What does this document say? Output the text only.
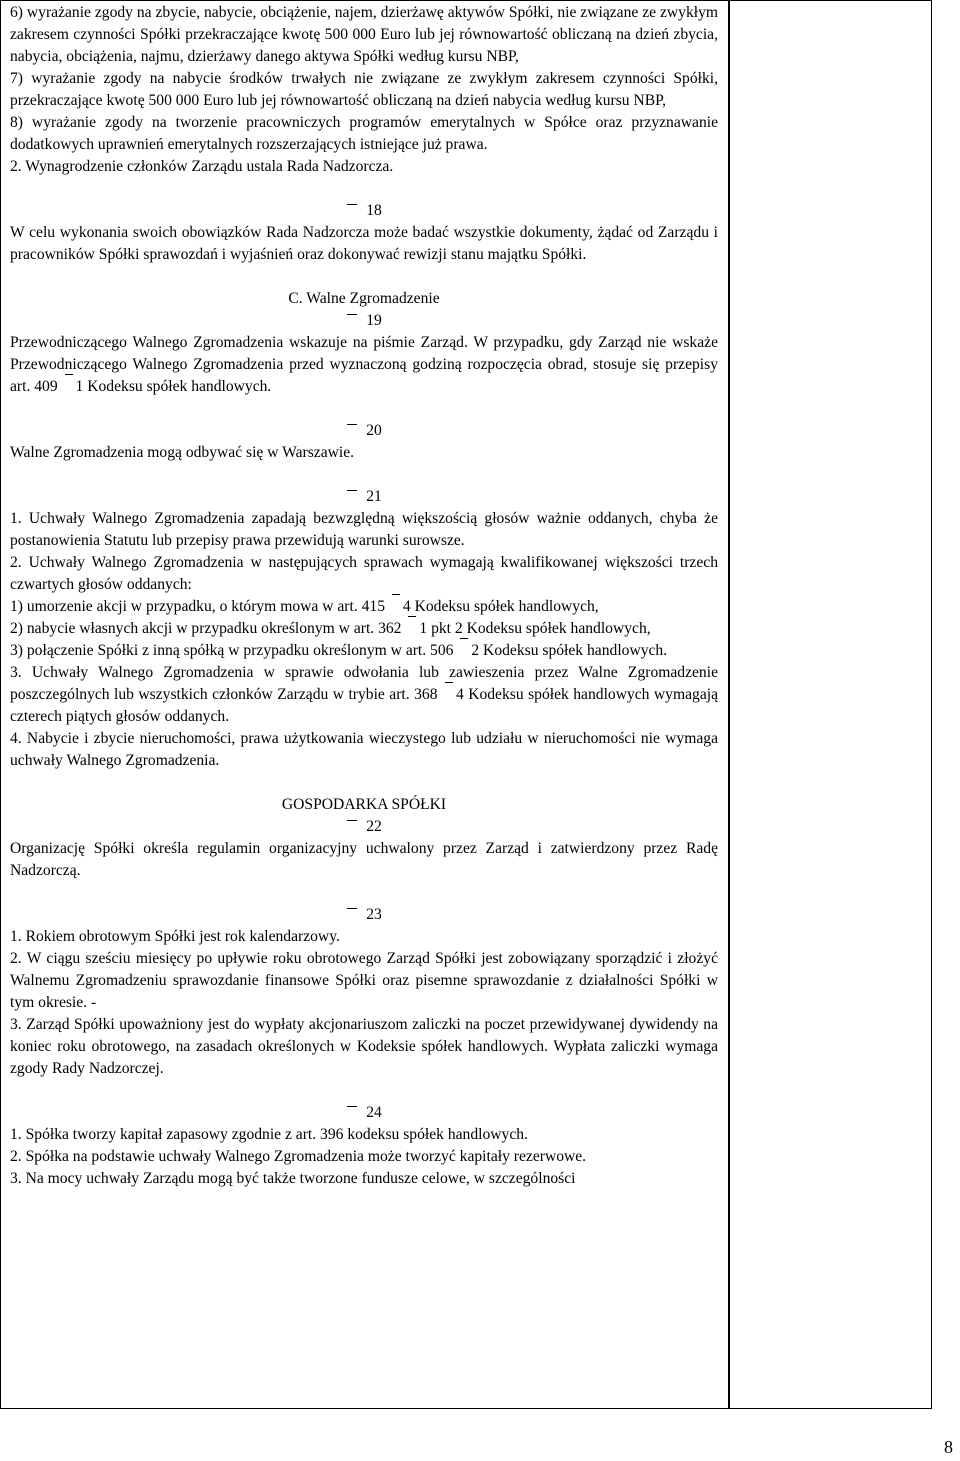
6) wyrażanie zgody na zbycie, nabycie, obciążenie, najem, dzierżawę aktywów Spółki, nie związane ze zwykłym zakresem czynności Spółki przekraczające kwotę 500 000 Euro lub jej równowartość obliczaną na dzień zbycia, nabycia, obciążenia, najmu, dzierżawy danego aktywa Spółki według kursu NBP,

7) wyrażanie zgody na nabycie środków trwałych nie związane ze zwykłym zakresem czynności Spółki, przekraczające kwotę 500 000 Euro lub jej równowartość obliczaną na dzień nabycia według kursu NBP,

8) wyrażanie zgody na tworzenie pracowniczych programów emerytalnych w Spółce oraz przyznawanie dodatkowych uprawnień emerytalnych rozszerzających istniejące już prawa.

2. Wynagrodzenie członków Zarządu ustala Rada Nadzorcza.

18

W celu wykonania swoich obowiązków Rada Nadzorcza może badać wszystkie dokumenty, żądać od Zarządu i pracowników Spółki sprawozdań i wyjaśnień oraz dokonywać rewizji stanu majątku Spółki.

C. Walne Zgromadzenie

19

Przewodniczącego Walnego Zgromadzenia wskazuje na piśmie Zarząd. W przypadku, gdy Zarząd nie wskaże Przewodniczącego Walnego Zgromadzenia przed wyznaczoną godziną rozpoczęcia obrad, stosuje się przepisy art. 409 1 Kodeksu spółek handlowych.

20

Walne Zgromadzenia mogą odbywać się w Warszawie.

21

1. Uchwały Walnego Zgromadzenia zapadają bezwzględną większością głosów ważnie oddanych, chyba że postanowienia Statutu lub przepisy prawa przewidują warunki surowsze.

2. Uchwały Walnego Zgromadzenia w następujących sprawach wymagają kwalifikowanej większości trzech czwartych głosów oddanych:

1) umorzenie akcji w przypadku, o którym mowa w art. 415 4 Kodeksu spółek handlowych,

2) nabycie własnych akcji w przypadku określonym w art. 362 1 pkt 2 Kodeksu spółek handlowych,

3) połączenie Spółki z inną spółką w przypadku określonym w art. 506 2 Kodeksu spółek handlowych.

3. Uchwały Walnego Zgromadzenia w sprawie odwołania lub zawieszenia przez Walne Zgromadzenie poszczególnych lub wszystkich członków Zarządu w trybie art. 368 4 Kodeksu spółek handlowych wymagają czterech piątych głosów oddanych.

4. Nabycie i zbycie nieruchomości, prawa użytkowania wieczystego lub udziału w nieruchomości nie wymaga uchwały Walnego Zgromadzenia.

GOSPODARKA SPÓŁKI

22

Organizację Spółki określa regulamin organizacyjny uchwalony przez Zarząd i zatwierdzony przez Radę Nadzorczą.

23

1. Rokiem obrotowym Spółki jest rok kalendarzowy.

2. W ciągu sześciu miesięcy po upływie roku obrotowego Zarząd Spółki jest zobowiązany sporządzić i złożyć Walnemu Zgromadzeniu sprawozdanie finansowe Spółki oraz pisemne sprawozdanie z działalności Spółki w tym okresie. -

3. Zarząd Spółki upoważniony jest do wypłaty akcjonariuszom zaliczki na poczet przewidywanej dywidendy na koniec roku obrotowego, na zasadach określonych w Kodeksie spółek handlowych. Wypłata zaliczki wymaga zgody Rady Nadzorczej.

24

1. Spółka tworzy kapitał zapasowy zgodnie z art. 396 kodeksu spółek handlowych.

2. Spółka na podstawie uchwały Walnego Zgromadzenia może tworzyć kapitały rezerwowe.

3. Na mocy uchwały Zarządu mogą być także tworzone fundusze celowe, w szczególności

8
